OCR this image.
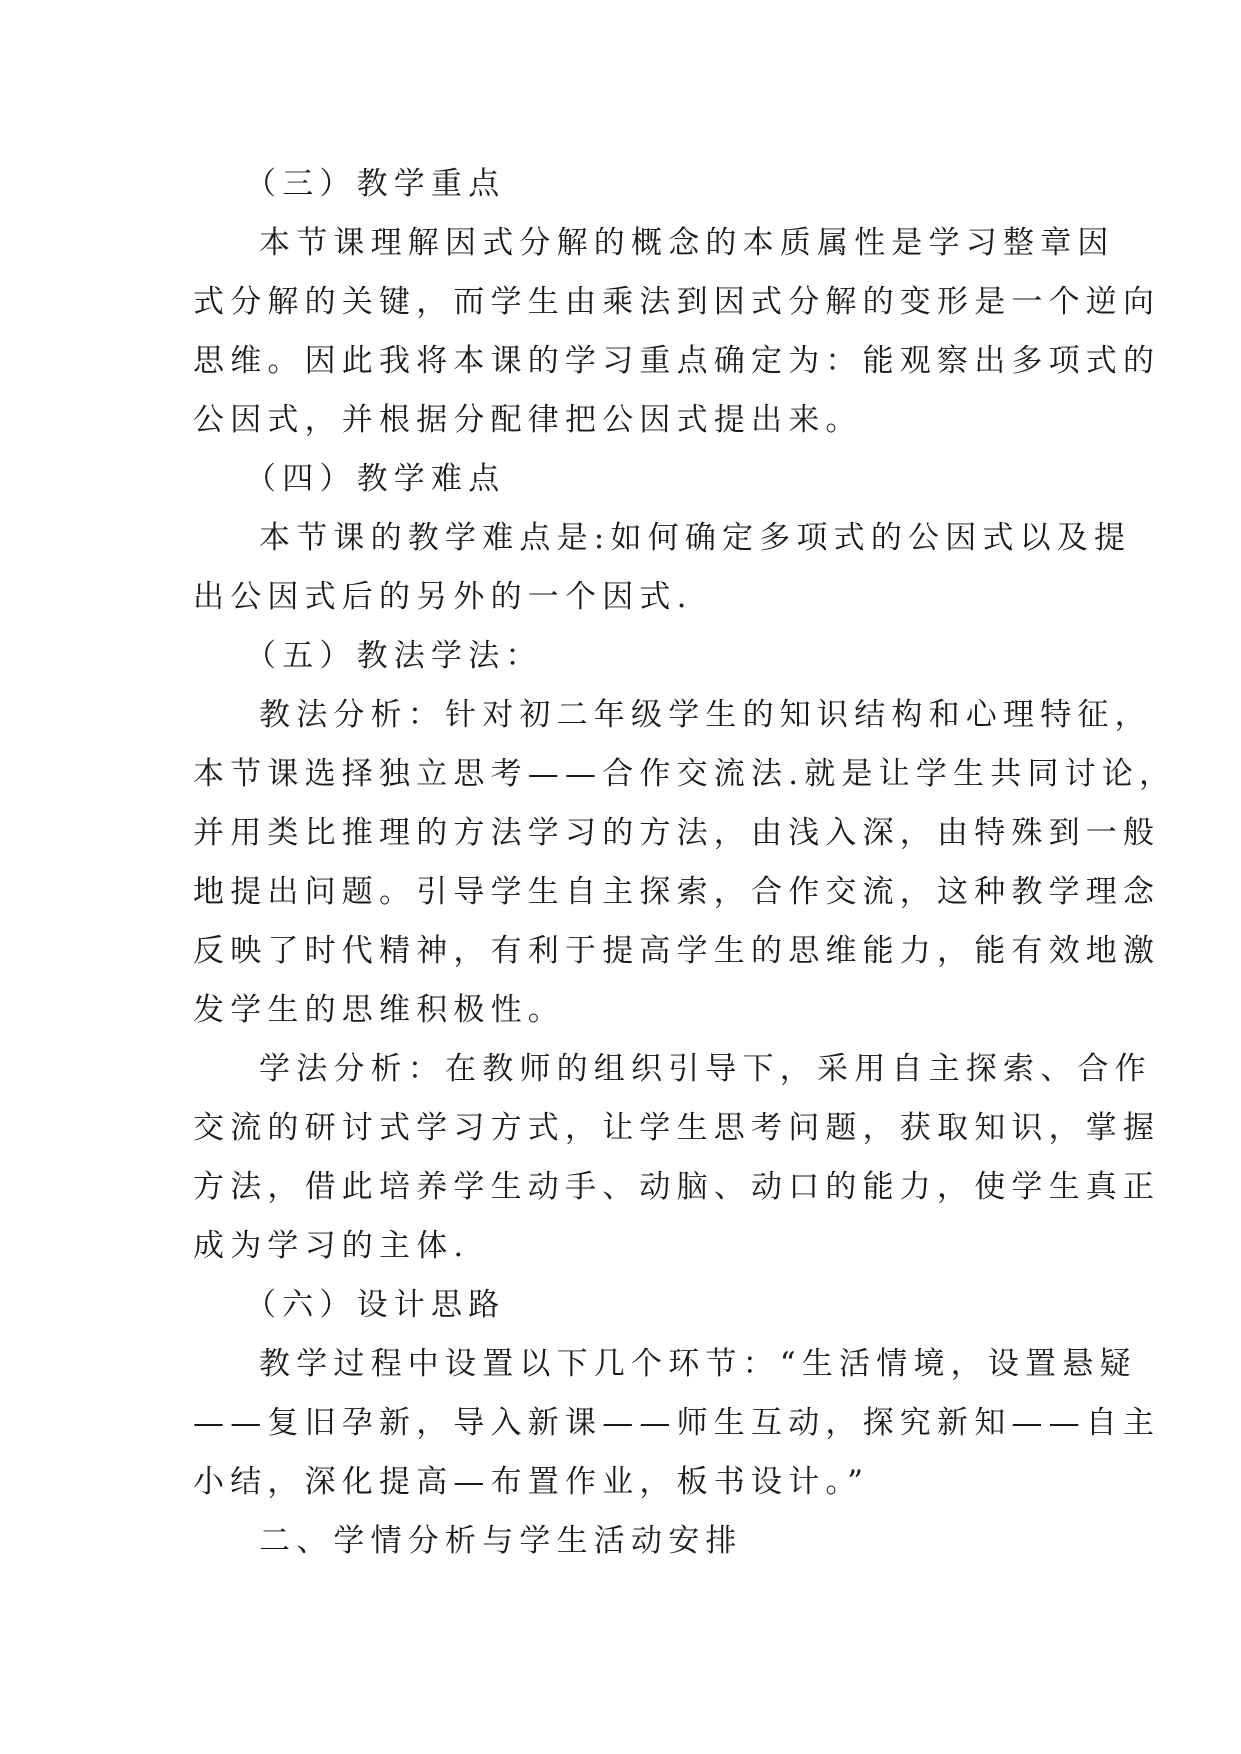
（三）教学重点
本节课理解因式分解的概念的本质属性是学习整章因
式分解的关键，而学生由乘法到因式分解的变形是一个逆向
思维。因此我将本课的学习重点确定为：能观察出多项式的
公因式，并根据分配律把公因式提出来。
（四）教学难点
本节课的教学难点是:如何确定多项式的公因式以及提
出公因式后的另外的一个因式.
（五）教法学法：
教法分析：针对初二年级学生的知识结构和心理特征，
本节课选择独立思考——合作交流法.就是让学生共同讨论，
并用类比推理的方法学习的方法，由浅入深，由特殊到一般
地提出问题。引导学生自主探索，合作交流，这种教学理念
反映了时代精神，有利于提高学生的思维能力，能有效地激
发学生的思维积极性。
学法分析：在教师的组织引导下，采用自主探索、合作
交流的研讨式学习方式，让学生思考问题，获取知识，掌握
方法，借此培养学生动手、动脑、动口的能力，使学生真正
成为学习的主体.
（六）设计思路
教学过程中设置以下几个环节：“生活情境，设置悬疑
——复旧孕新，导入新课——师生互动，探究新知——自主
小结，深化提高—布置作业，板书设计。”
二、学情分析与学生活动安排
